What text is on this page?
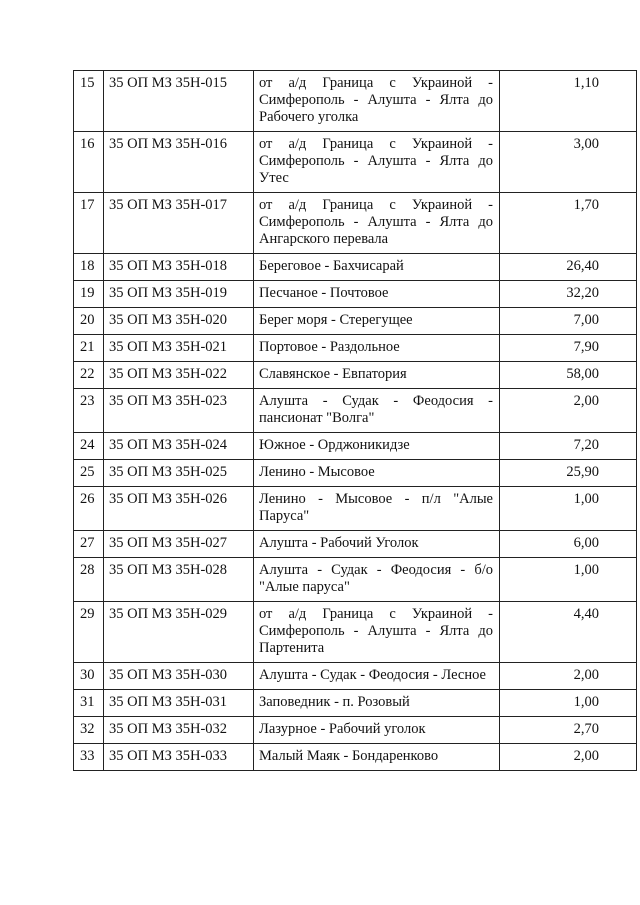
15	35 ОП МЗ 35Н-015	от а/д Граница с Украиной - Симферополь - Алушта - Ялта до Рабочего уголка	1,10
16	35 ОП МЗ 35Н-016	от а/д Граница с Украиной - Симферополь - Алушта - Ялта до Утес	3,00
17	35 ОП МЗ 35Н-017	от а/д Граница с Украиной - Симферополь - Алушта - Ялта до Ангарского перевала	1,70
18	35 ОП МЗ 35Н-018	Береговое - Бахчисарай	26,40
19	35 ОП МЗ 35Н-019	Песчаное - Почтовое	32,20
20	35 ОП МЗ 35Н-020	Берег моря - Стерегущее	7,00
21	35 ОП МЗ 35Н-021	Портовое - Раздольное	7,90
22	35 ОП МЗ 35Н-022	Славянское - Евпатория	58,00
23	35 ОП МЗ 35Н-023	Алушта - Судак - Феодосия - пансионат "Волга"	2,00
24	35 ОП МЗ 35Н-024	Южное - Орджоникидзе	7,20
25	35 ОП МЗ 35Н-025	Ленино - Мысовое	25,90
26	35 ОП МЗ 35Н-026	Ленино - Мысовое - п/л "Алые Паруса"	1,00
27	35 ОП МЗ 35Н-027	Алушта - Рабочий Уголок	6,00
28	35 ОП МЗ 35Н-028	Алушта - Судак - Феодосия - б/о "Алые паруса"	1,00
29	35 ОП МЗ 35Н-029	от а/д Граница с Украиной - Симферополь - Алушта - Ялта до Партенита	4,40
30	35 ОП МЗ 35Н-030	Алушта - Судак - Феодосия - Лесное	2,00
31	35 ОП МЗ 35Н-031	Заповедник - п. Розовый	1,00
32	35 ОП МЗ 35Н-032	Лазурное - Рабочий уголок	2,70
33	35 ОП МЗ 35Н-033	Малый Маяк - Бондаренково	2,00
